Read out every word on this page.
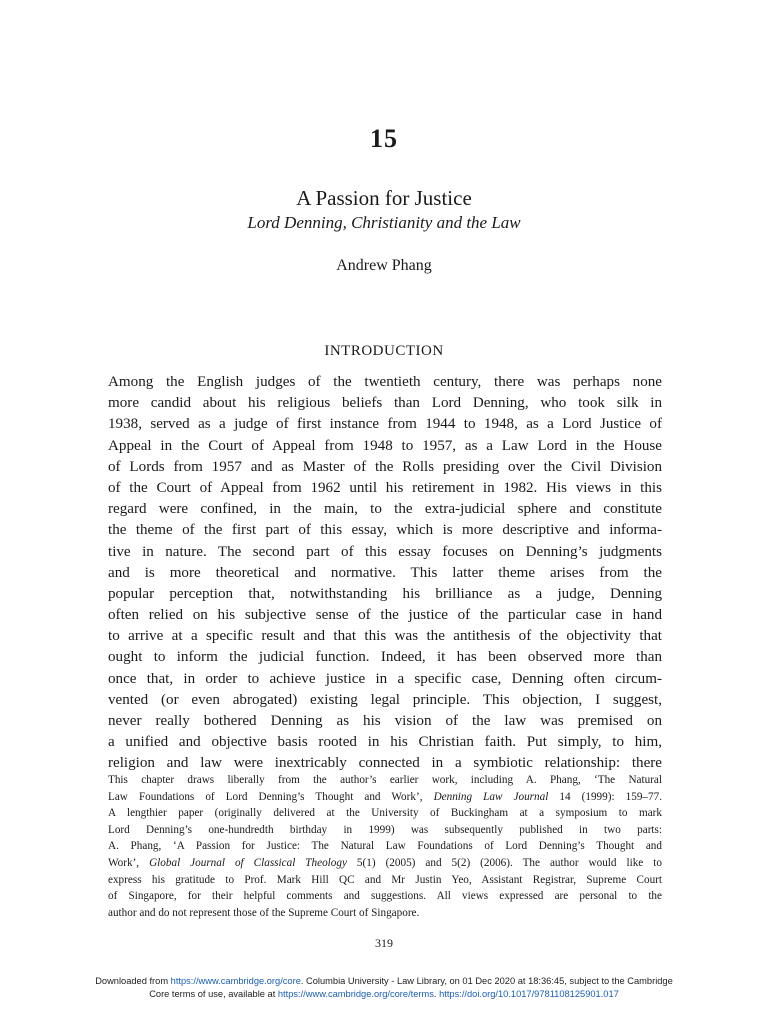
15
A Passion for Justice
Lord Denning, Christianity and the Law
Andrew Phang
INTRODUCTION
Among the English judges of the twentieth century, there was perhaps none
more candid about his religious beliefs than Lord Denning, who took silk in
1938, served as a judge of first instance from 1944 to 1948, as a Lord Justice of
Appeal in the Court of Appeal from 1948 to 1957, as a Law Lord in the House
of Lords from 1957 and as Master of the Rolls presiding over the Civil Division
of the Court of Appeal from 1962 until his retirement in 1982. His views in this
regard were confined, in the main, to the extra-judicial sphere and constitute
the theme of the first part of this essay, which is more descriptive and informa-
tive in nature. The second part of this essay focuses on Denning’s judgments
and is more theoretical and normative. This latter theme arises from the
popular perception that, notwithstanding his brilliance as a judge, Denning
often relied on his subjective sense of the justice of the particular case in hand
to arrive at a specific result and that this was the antithesis of the objectivity that
ought to inform the judicial function. Indeed, it has been observed more than
once that, in order to achieve justice in a specific case, Denning often circum-
vented (or even abrogated) existing legal principle. This objection, I suggest,
never really bothered Denning as his vision of the law was premised on
a unified and objective basis rooted in his Christian faith. Put simply, to him,
religion and law were inextricably connected in a symbiotic relationship: there
This chapter draws liberally from the author’s earlier work, including A. Phang, ‘The Natural
Law Foundations of Lord Denning’s Thought and Work’, Denning Law Journal 14 (1999): 159–77.
A lengthier paper (originally delivered at the University of Buckingham at a symposium to mark
Lord Denning’s one-hundredth birthday in 1999) was subsequently published in two parts:
A. Phang, ‘A Passion for Justice: The Natural Law Foundations of Lord Denning’s Thought and
Work’, Global Journal of Classical Theology 5(1) (2005) and 5(2) (2006). The author would like to
express his gratitude to Prof. Mark Hill QC and Mr Justin Yeo, Assistant Registrar, Supreme Court
of Singapore, for their helpful comments and suggestions. All views expressed are personal to the
author and do not represent those of the Supreme Court of Singapore.
319
Downloaded from https://www.cambridge.org/core. Columbia University - Law Library, on 01 Dec 2020 at 18:36:45, subject to the Cambridge
Core terms of use, available at https://www.cambridge.org/core/terms. https://doi.org/10.1017/9781108125901.017
